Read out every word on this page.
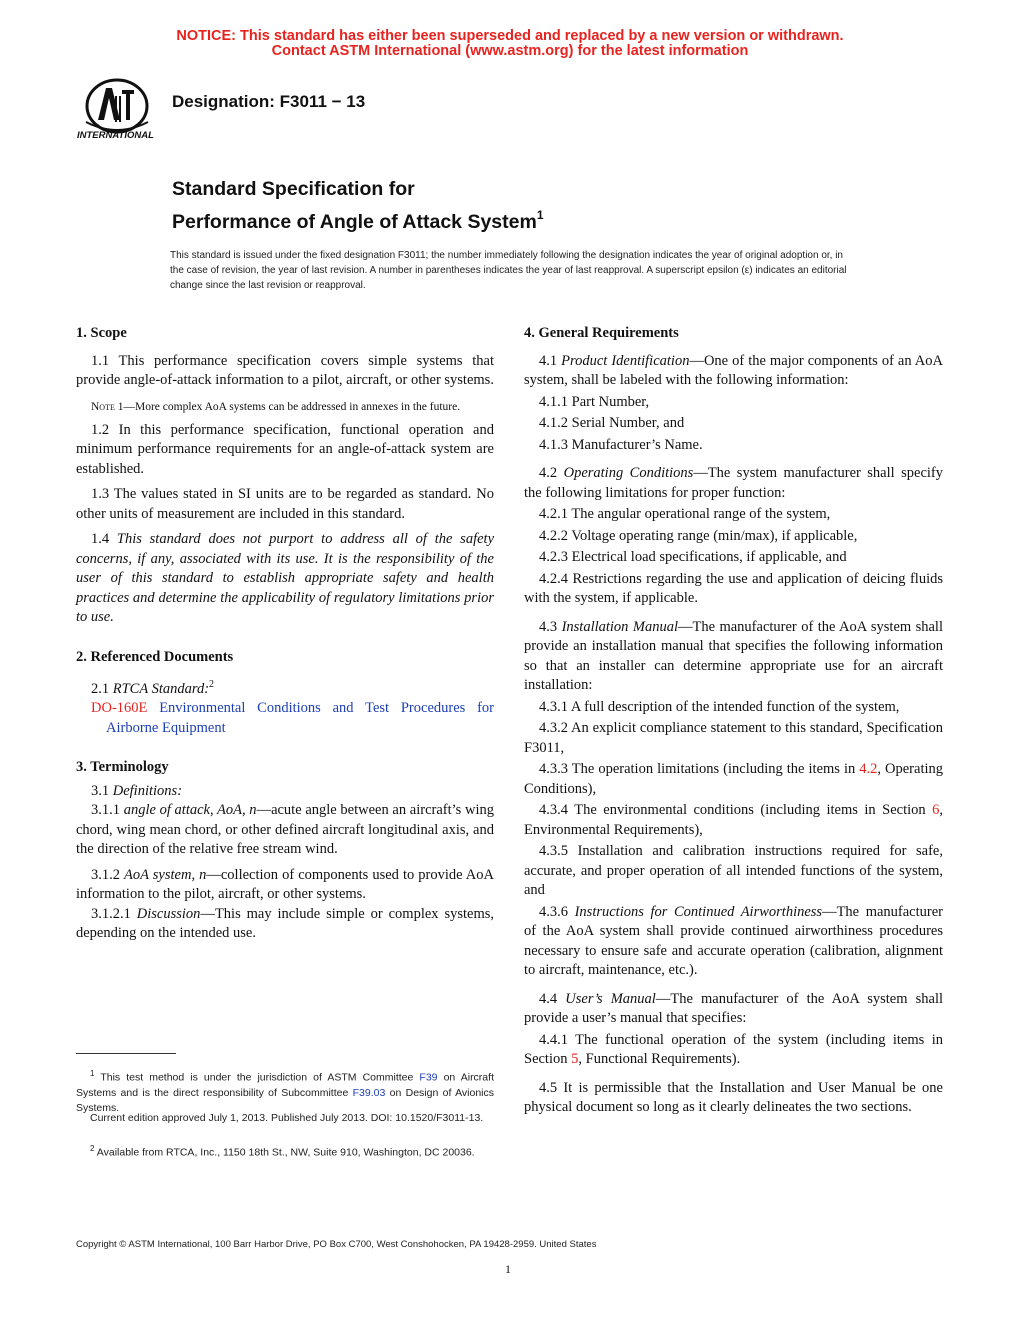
NOTICE: This standard has either been superseded and replaced by a new version or withdrawn.
Contact ASTM International (www.astm.org) for the latest information
INTERNATIONAL
Designation: F3011 − 13
Standard Specification for
Performance of Angle of Attack System$^1$
This standard is issued under the fixed designation F3011; the number immediately following the designation indicates the year of original adoption or, in the case of revision, the year of last revision. A number in parentheses indicates the year of last reapproval. A superscript epsilon (ε) indicates an editorial change since the last revision or reapproval.

1. Scope

1.1 This performance specification covers simple systems that provide angle-of-attack information to a pilot, aircraft, or other systems.

Note 1—More complex AoA systems can be addressed in annexes in the future.

1.2 In this performance specification, functional operation and minimum performance requirements for an angle-of-attack system are established.

1.3 The values stated in SI units are to be regarded as standard. No other units of measurement are included in this standard.

1.4 This standard does not purport to address all of the safety concerns, if any, associated with its use. It is the responsibility of the user of this standard to establish appropriate safety and health practices and determine the applicability of regulatory limitations prior to use.

2. Referenced Documents

2.1 RTCA Standard:$^2$

DO-160E Environmental Conditions and Test Procedures for Airborne Equipment

3. Terminology

3.1 Definitions:

3.1.1 angle of attack, AoA, n—acute angle between an aircraft’s wing chord, wing mean chord, or other defined aircraft longitudinal axis, and the direction of the relative free stream wind.

3.1.2 AoA system, n—collection of components used to provide AoA information to the pilot, aircraft, or other systems.

3.1.2.1 Discussion—This may include simple or complex systems, depending on the intended use.

4. General Requirements

4.1 Product Identification—One of the major components of an AoA system, shall be labeled with the following information:

4.1.1 Part Number,

4.1.2 Serial Number, and

4.1.3 Manufacturer’s Name.

4.2 Operating Conditions—The system manufacturer shall specify the following limitations for proper function:

4.2.1 The angular operational range of the system,

4.2.2 Voltage operating range (min/max), if applicable,

4.2.3 Electrical load specifications, if applicable, and

4.2.4 Restrictions regarding the use and application of deicing fluids with the system, if applicable.

4.3 Installation Manual—The manufacturer of the AoA system shall provide an installation manual that specifies the following information so that an installer can determine appropriate use for an aircraft installation:

4.3.1 A full description of the intended function of the system,

4.3.2 An explicit compliance statement to this standard, Specification F3011,

4.3.3 The operation limitations (including the items in 4.2, Operating Conditions),

4.3.4 The environmental conditions (including items in Section 6, Environmental Requirements),

4.3.5 Installation and calibration instructions required for safe, accurate, and proper operation of all intended functions of the system, and

4.3.6 Instructions for Continued Airworthiness—The manufacturer of the AoA system shall provide continued airworthiness procedures necessary to ensure safe and accurate operation (calibration, alignment to aircraft, maintenance, etc.).

4.4 User’s Manual—The manufacturer of the AoA system shall provide a user’s manual that specifies:

4.4.1 The functional operation of the system (including items in Section 5, Functional Requirements).

4.5 It is permissible that the Installation and User Manual be one physical document so long as it clearly delineates the two sections.

$^1$ This test method is under the jurisdiction of ASTM Committee F39 on Aircraft Systems and is the direct responsibility of Subcommittee F39.03 on Design of Avionics Systems.
Current edition approved July 1, 2013. Published July 2013. DOI: 10.1520/F3011-13.
$^2$ Available from RTCA, Inc., 1150 18th St., NW, Suite 910, Washington, DC 20036.
Copyright © ASTM International, 100 Barr Harbor Drive, PO Box C700, West Conshohocken, PA 19428-2959. United States
1
